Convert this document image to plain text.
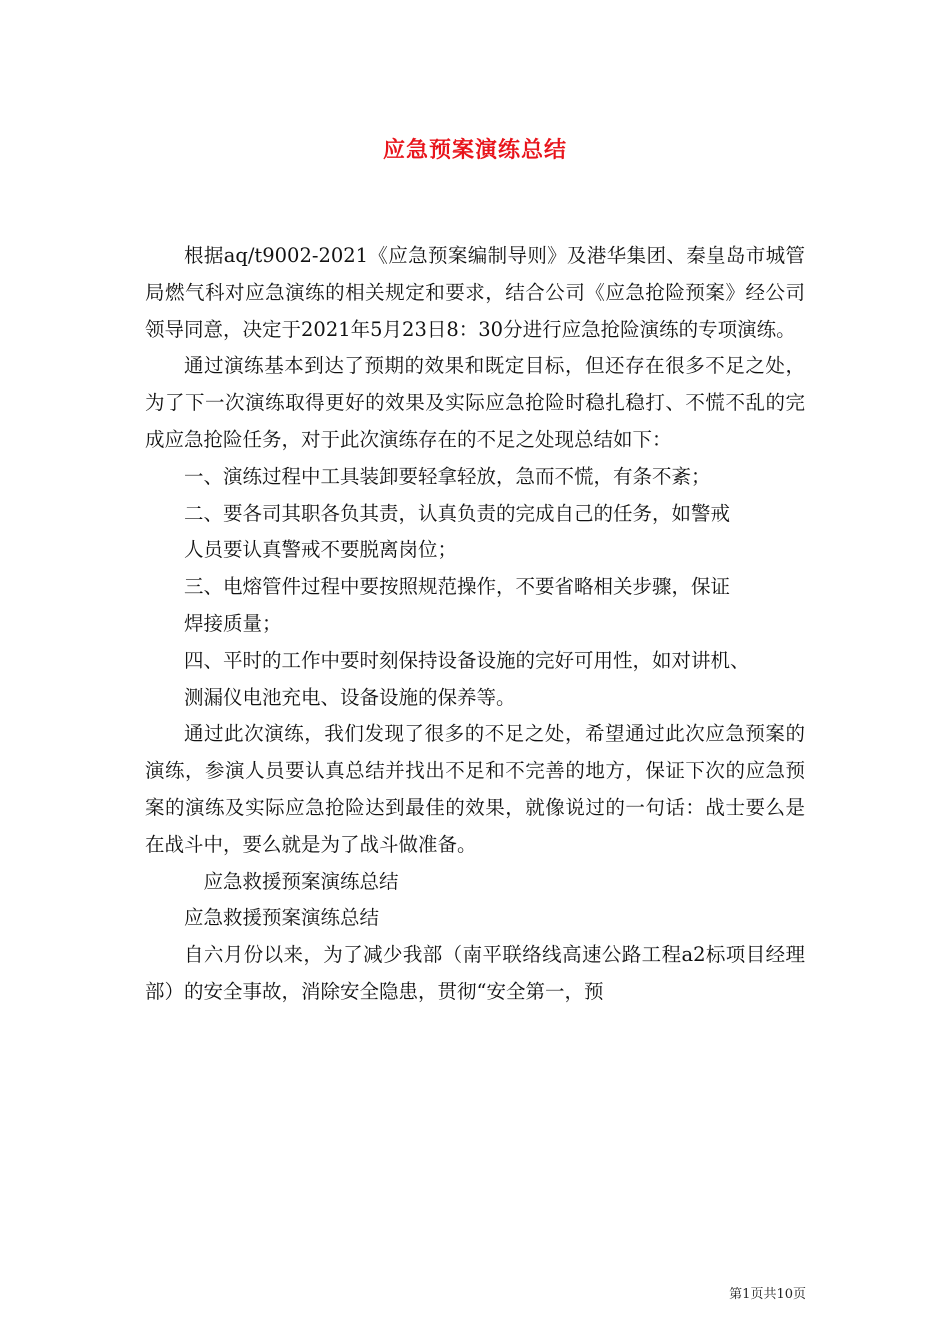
应急预案演练总结

根据aq/t9002-2021《应急预案编制导则》及港华集团、秦皇岛市城管局燃气科对应急演练的相关规定和要求，结合公司《应急抢险预案》经公司领导同意，决定于2021年5月23日8：30分进行应急抢险演练的专项演练。

通过演练基本到达了预期的效果和既定目标，但还存在很多不足之处，为了下一次演练取得更好的效果及实际应急抢险时稳扎稳打、不慌不乱的完成应急抢险任务，对于此次演练存在的不足之处现总结如下：

一、演练过程中工具装卸要轻拿轻放，急而不慌，有条不紊；

二、要各司其职各负其责，认真负责的完成自己的任务，如警戒

人员要认真警戒不要脱离岗位；

三、电熔管件过程中要按照规范操作，不要省略相关步骤，保证

焊接质量；

四、平时的工作中要时刻保持设备设施的完好可用性，如对讲机、

测漏仪电池充电、设备设施的保养等。

通过此次演练，我们发现了很多的不足之处，希望通过此次应急预案的演练，参演人员要认真总结并找出不足和不完善的地方，保证下次的应急预案的演练及实际应急抢险达到最佳的效果，就像说过的一句话：战士要么是在战斗中，要么就是为了战斗做准备。

应急救援预案演练总结

应急救援预案演练总结

自六月份以来，为了减少我部（南平联络线高速公路工程a2标项目经理部）的安全事故，消除安全隐患，贯彻“安全第一，预

第1页共10页
